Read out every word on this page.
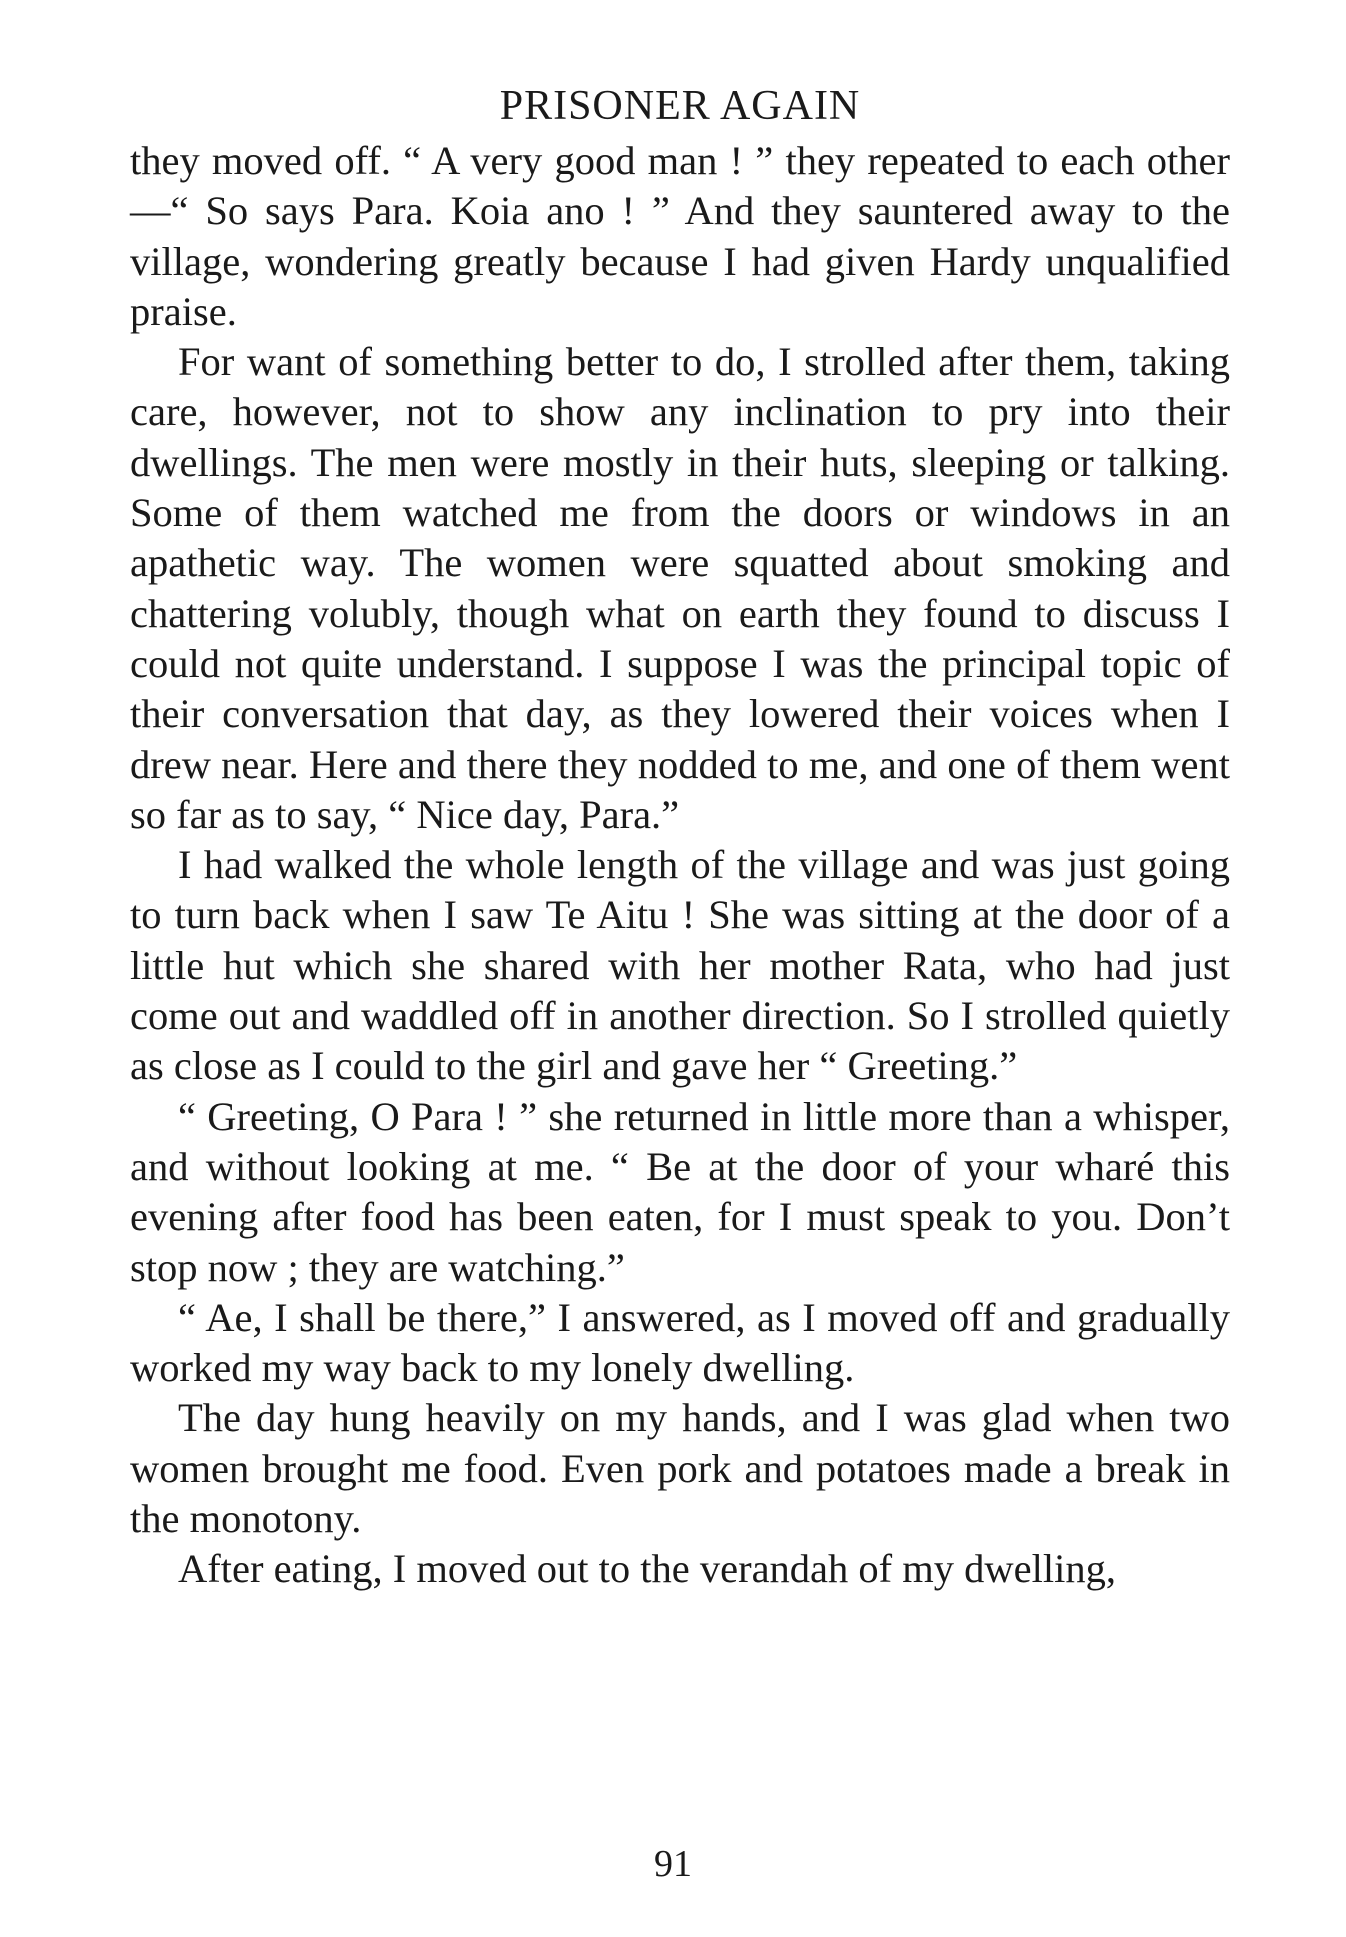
PRISONER AGAIN

they moved off. “ A very good man ! ” they repeated to each other—“ So says Para. Koia ano ! ” And they sauntered away to the village, wondering greatly because I had given Hardy unqualified praise.

For want of something better to do, I strolled after them, taking care, however, not to show any inclination to pry into their dwellings. The men were mostly in their huts, sleeping or talking. Some of them watched me from the doors or windows in an apathetic way. The women were squatted about smoking and chattering volubly, though what on earth they found to discuss I could not quite understand. I suppose I was the principal topic of their conversation that day, as they lowered their voices when I drew near. Here and there they nodded to me, and one of them went so far as to say, “ Nice day, Para.”

I had walked the whole length of the village and was just going to turn back when I saw Te Aitu ! She was sitting at the door of a little hut which she shared with her mother Rata, who had just come out and waddled off in another direction. So I strolled quietly as close as I could to the girl and gave her “ Greeting.”

“ Greeting, O Para ! ” she returned in little more than a whisper, and without looking at me. “ Be at the door of your wharé this evening after food has been eaten, for I must speak to you. Don’t stop now ; they are watching.”

“ Ae, I shall be there,” I answered, as I moved off and gradually worked my way back to my lonely dwelling.

The day hung heavily on my hands, and I was glad when two women brought me food. Even pork and potatoes made a break in the monotony.

After eating, I moved out to the verandah of my dwelling,

91
